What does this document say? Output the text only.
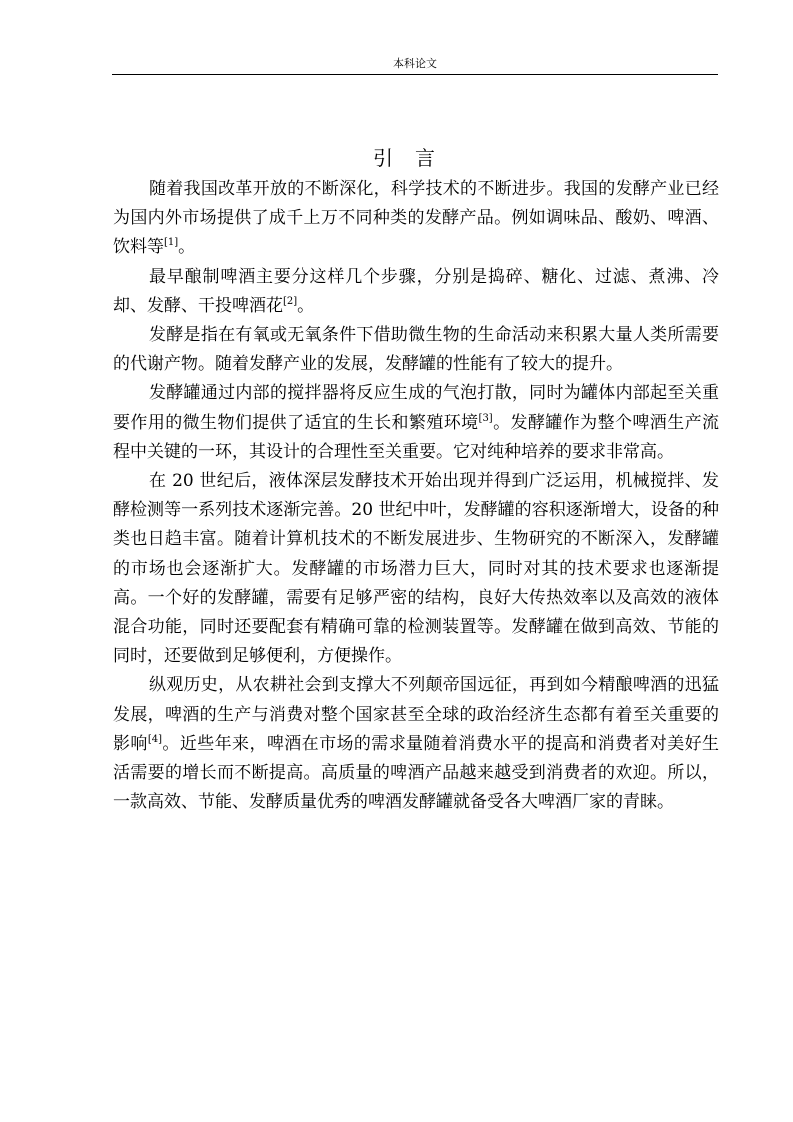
本科论文
引言

随着我国改革开放的不断深化，科学技术的不断进步。我国的发酵产业已经为国内外市场提供了成千上万不同种类的发酵产品。例如调味品、酸奶、啤酒、饮料等[1]。

最早酿制啤酒主要分这样几个步骤，分别是捣碎、糖化、过滤、煮沸、冷却、发酵、干投啤酒花[2]。

发酵是指在有氧或无氧条件下借助微生物的生命活动来积累大量人类所需要的代谢产物。随着发酵产业的发展，发酵罐的性能有了较大的提升。

发酵罐通过内部的搅拌器将反应生成的气泡打散，同时为罐体内部起至关重要作用的微生物们提供了适宜的生长和繁殖环境[3]。发酵罐作为整个啤酒生产流程中关键的一环，其设计的合理性至关重要。它对纯种培养的要求非常高。

在 20 世纪后，液体深层发酵技术开始出现并得到广泛运用，机械搅拌、发酵检测等一系列技术逐渐完善。20 世纪中叶，发酵罐的容积逐渐增大，设备的种类也日趋丰富。随着计算机技术的不断发展进步、生物研究的不断深入，发酵罐的市场也会逐渐扩大。发酵罐的市场潜力巨大，同时对其的技术要求也逐渐提高。一个好的发酵罐，需要有足够严密的结构，良好大传热效率以及高效的液体混合功能，同时还要配套有精确可靠的检测装置等。发酵罐在做到高效、节能的同时，还要做到足够便利，方便操作。

纵观历史，从农耕社会到支撑大不列颠帝国远征，再到如今精酿啤酒的迅猛发展，啤酒的生产与消费对整个国家甚至全球的政治经济生态都有着至关重要的影响[4]。近些年来，啤酒在市场的需求量随着消费水平的提高和消费者对美好生活需要的增长而不断提高。高质量的啤酒产品越来越受到消费者的欢迎。所以，一款高效、节能、发酵质量优秀的啤酒发酵罐就备受各大啤酒厂家的青睐。
